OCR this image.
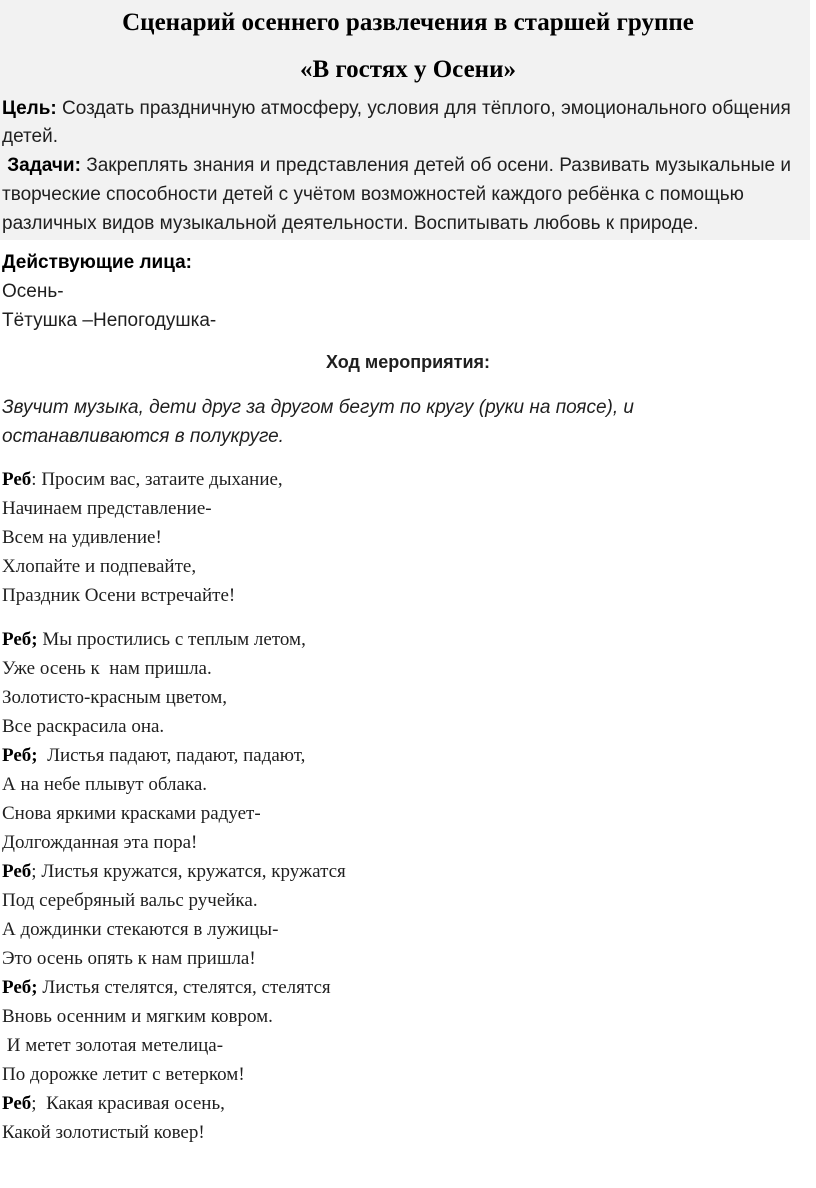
Сценарий осеннего развлечения в старшей группе
«В гостях у Осени»

Цель: Создать праздничную атмосферу, условия для тёплого, эмоционального общения детей.

Задачи: Закреплять знания и представления детей об осени. Развивать музыкальные и творческие способности детей с учётом возможностей каждого ребёнка с помощью различных видов музыкальной деятельности. Воспитывать любовь к природе.

Действующие лица:
Осень-
Тётушка –Непогодушка-
Ход мероприятия:
Звучит музыка, дети друг за другом бегут по кругу (руки на поясе), и останавливаются в полукруге.
Реб: Просим вас, затаите дыхание,
Начинаем представление-
Всем на удивление!
Хлопайте и подпевайте,
Праздник Осени встречайте!
Реб; Мы простились с теплым летом,
Уже осень к  нам пришла.
Золотисто-красным цветом,
Все раскрасила она.
Реб;  Листья падают, падают, падают,
А на небе плывут облака.
Снова яркими красками радует-
Долгожданная эта пора!
Реб; Листья кружатся, кружатся, кружатся
Под серебряный вальс ручейка.
А дождинки стекаются в лужицы-
Это осень опять к нам пришла!
Реб; Листья стелятся, стелятся, стелятся
Вновь осенним и мягким ковром.
И метет золотая метелица-
По дорожке летит с ветерком!
Реб;  Какая красивая осень,
Какой золотистый ковер!
